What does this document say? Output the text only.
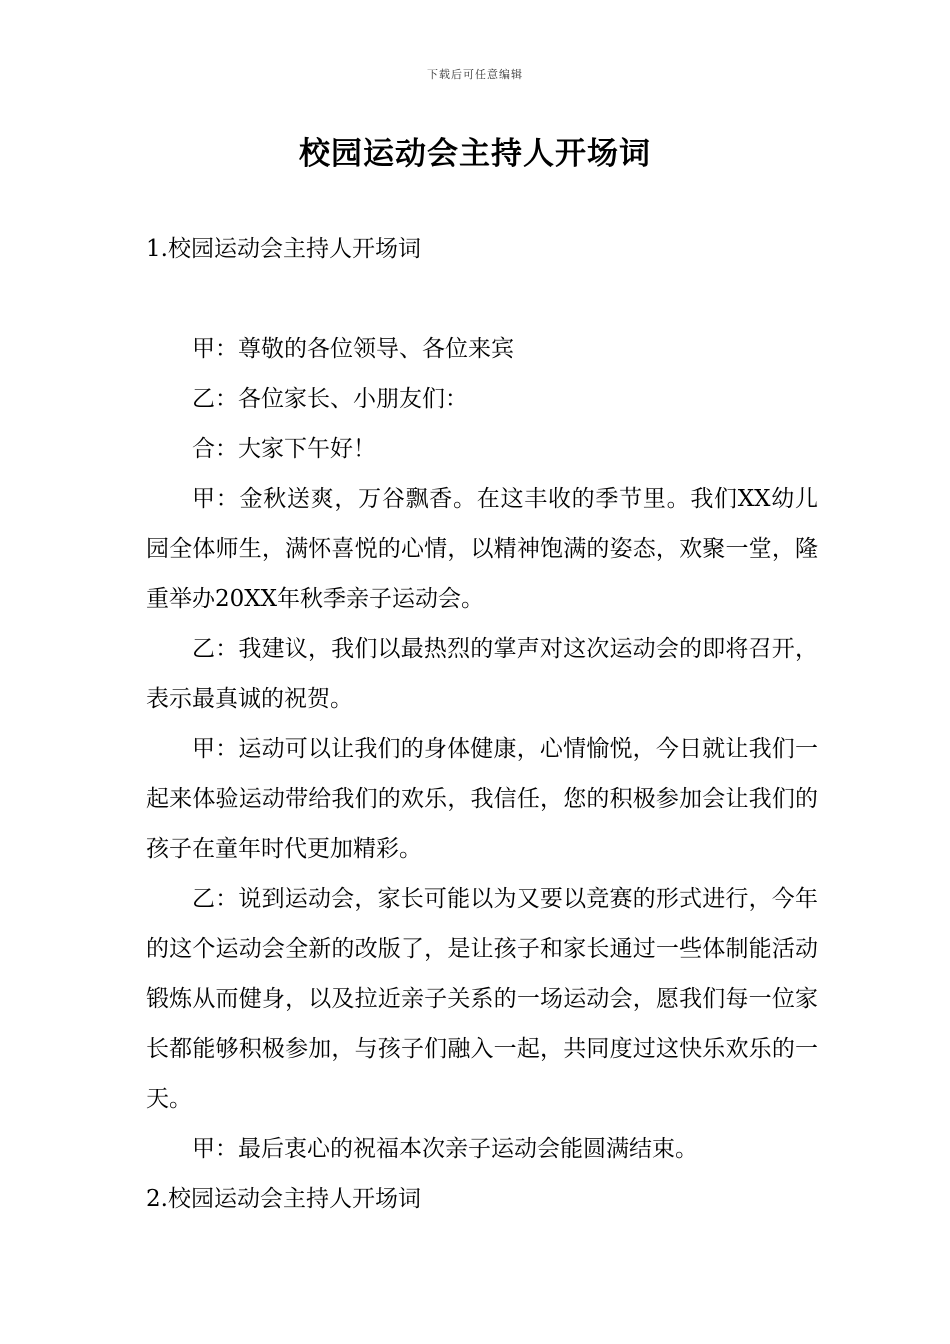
下载后可任意编辑
校园运动会主持人开场词

1.校园运动会主持人开场词

甲：尊敬的各位领导、各位来宾

乙：各位家长、小朋友们：

合：大家下午好！

甲：金秋送爽，万谷飘香。在这丰收的季节里。我们XX幼儿园全体师生，满怀喜悦的心情，以精神饱满的姿态，欢聚一堂，隆重举办20XX年秋季亲子运动会。

乙：我建议，我们以最热烈的掌声对这次运动会的即将召开，表示最真诚的祝贺。

甲：运动可以让我们的身体健康，心情愉悦，今日就让我们一起来体验运动带给我们的欢乐，我信任，您的积极参加会让我们的孩子在童年时代更加精彩。

乙：说到运动会，家长可能以为又要以竞赛的形式进行，今年的这个运动会全新的改版了，是让孩子和家长通过一些体制能活动锻炼从而健身，以及拉近亲子关系的一场运动会，愿我们每一位家长都能够积极参加，与孩子们融入一起，共同度过这快乐欢乐的一天。

甲：最后衷心的祝福本次亲子运动会能圆满结束。

2.校园运动会主持人开场词
